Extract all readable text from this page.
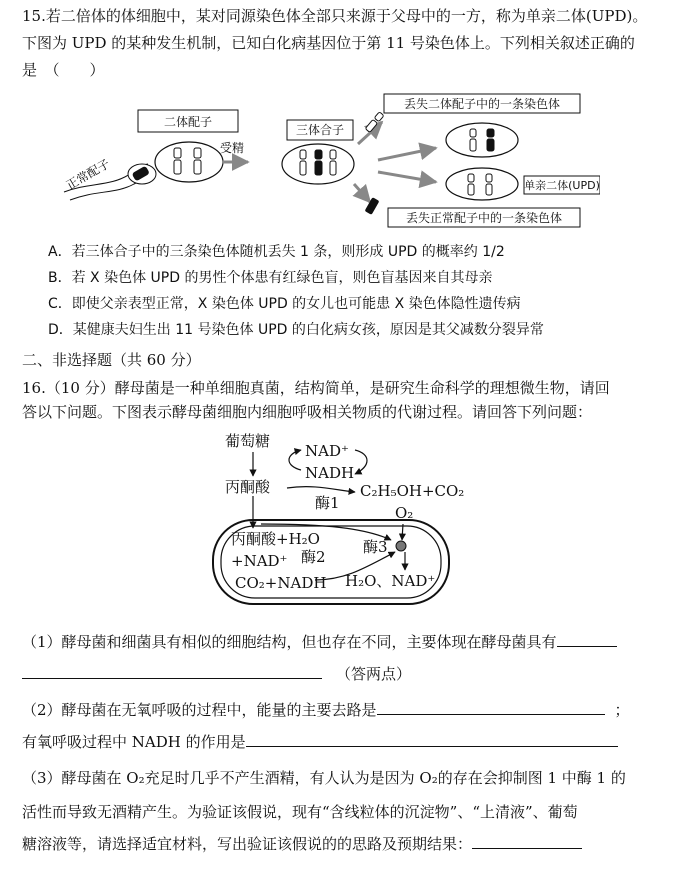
15.若二倍体的体细胞中，某对同源染色体全部只来源于父母中的一方，称为单亲二体(UPD)。
下图为 UPD 的某种发生机制，已知白化病基因位于第 11 号染色体上。下列相关叙述正确的
是　（　　）
二体配子
正常配子
受精
三体合子
丢失二体配子中的一条染色体
单亲二体(UPD)
丢失正常配子中的一条染色体
A．若三体合子中的三条染色体随机丢失 1 条，则形成 UPD 的概率约 1/2
B．若 X 染色体 UPD 的男性个体患有红绿色盲，则色盲基因来自其母亲
C．即使父亲表型正常，X 染色体 UPD 的女儿也可能患 X 染色体隐性遗传病
D．某健康夫妇生出 11 号染色体 UPD 的白化病女孩，原因是其父减数分裂异常
二、非选择题（共 60 分）
16.（10 分）酵母菌是一种单细胞真菌，结构简单，是研究生命科学的理想微生物，请回
答以下问题。下图表示酵母菌细胞内细胞呼吸相关物质的代谢过程。请回答下列问题：
葡萄糖
丙酮酸
NAD⁺
NADH
C₂H₅OH+CO₂
酶1
O₂
丙酮酸+H₂O
+NAD⁺ 酶2
酶3
CO₂+NADH H₂O、NAD⁺
（1）酵母菌和细菌具有相似的细胞结构，但也存在不同，主要体现在酵母菌具有
（答两点）
（2）酵母菌在无氧呼吸的过程中，能量的主要去路是	；
有氧呼吸过程中 NADH 的作用是
（3）酵母菌在 O₂充足时几乎不产生酒精，有人认为是因为 O₂的存在会抑制图 1 中酶 1 的
活性而导致无酒精产生。为验证该假说，现有“含线粒体的沉淀物”、“上清液”、葡萄
糖溶液等，请选择适宜材料，写出验证该假说的的思路及预期结果：
